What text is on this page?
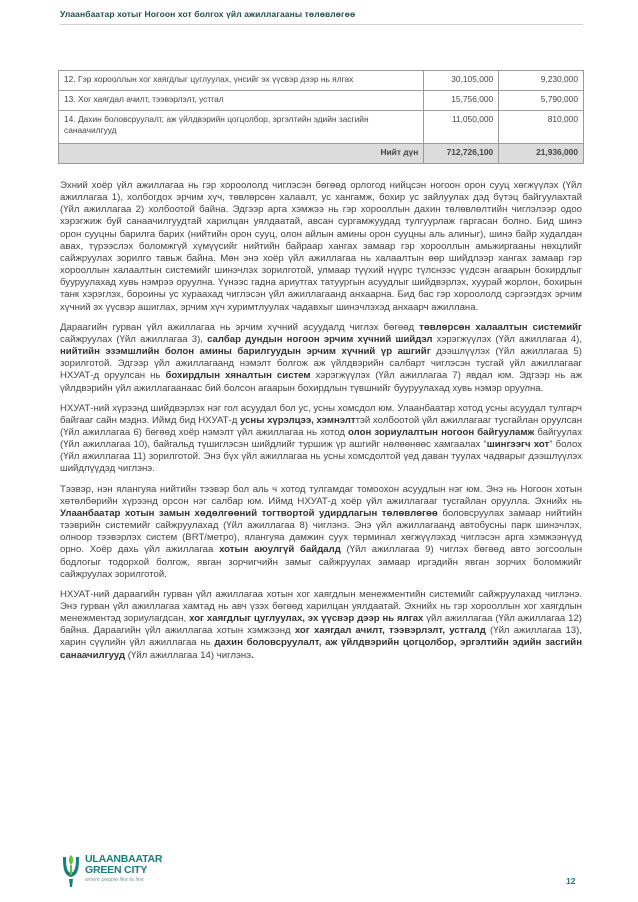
Улаанбаатар хотыг Ногоон хот болгох үйл ажиллагааны төлөвлөгөө
12. Гэр хорооллын хог хаягдлыг цуглуулах, үнсийг эх үүсвэр дээр нь ялгах	30,105,000	9,230,000
13. Хог хаягдал ачилт, тээвэрлэлт, устгал	15,756,000	5,790,000
14. Дахин боловсруулалт, аж үйлдвэрийн цогцолбор, эргэлтийн эдийн засгийн санаачилгууд	11,050,000	810,000
Нийт дүн	712,726,100	21,936,000

Эхний хоёр үйл ажиллагаа нь гэр хороололд чиглэсэн бөгөөд орлогод нийцсэн ногоон орон сууц хөгжүүлэх (Үйл ажиллагаа 1), холбогдох эрчим хүч, төвлөрсөн халаалт, ус хангамж, бохир ус зайлуулах дэд бүтэц байгуулахтай (Үйл ажиллагаа 2) холбоотой байна. Эдгээр арга хэмжээ нь гэр хорооллын дахин төлөвлөлтийн чиглэлээр одоо хэрэгжиж буй санаачилгуудтай харилцан уялдаатай, авсан сургамжуудад тулгуурлаж гаргасан болно. Бид шинэ орон сууцны барилга барих (нийтийн орон сууц, олон айлын амины орон сууцны аль алиныг), шинэ байр худалдан авах, түрээслэх боломжгүй хүмүүсийг нийтийн байраар хангах замаар гэр хорооллын амьжиргааны нөхцлийг сайжруулах зорилго тавьж байна. Мөн энэ хоёр үйл ажиллагаа нь халаалтын өөр шийдлээр хангах замаар гэр хорооллын халаалтын системийг шинэчлэх зорилготой, улмаар түүхий нүүрс түлснээс үүдсэн агаарын бохирдлыг бууруулахад хувь нэмрээ оруулна. Үүнээс гадна ариутгах татуургын асуудлыг шийдвэрлэх, хуурай жорлон, бохирын танк хэрэглэх, бороины ус хураахад чиглэсэн үйл ажиллагаанд анхаарна. Бид бас гэр хороололд сэргээгдэх эрчим хүчний эх үүсвэр ашиглах, эрчим хүч хуримтлуулах чадавхыг шинэчлэхэд анхаарч ажиллана.

Дараагийн гурван үйл ажиллагаа нь эрчим хүчний асуудалд чиглэх бөгөөд төвлөрсөн халаалтын системийг сайжруулах (Үйл ажиллагаа 3), салбар дундын ногоон эрчим хүчний шийдэл хэрэгжүүлэх (Үйл ажиллагаа 4), нийтийн эзэмшлийн болон амины барилгуудын эрчим хүчний үр ашгийг дээшлүүлэх (Үйл ажиллагаа 5) зорилготой. Эдгээр үйл ажиллагаанд нэмэлт болгож аж үйлдвэрийн салбарт чиглэсэн тусгай үйл ажиллагааг НХУАТ-д оруулсан нь бохирдлын хяналтын систем хэрэгжүүлэх (Үйл ажиллагаа 7) явдал юм. Эдгээр нь аж үйлдвэрийн үйл ажиллагаанаас бий болсон агаарын бохирдлын түвшнийг бууруулахад хувь нэмэр оруулна.

НХУАТ-ний хүрээнд шийдвэрлэх нэг гол асуудал бол ус, усны хомсдол юм. Улаанбаатар хотод усны асуудал тулгарч байгааг сайн мэднэ. Иймд бид НХУАТ-д усны хүрэлцээ, хэмнэлттэй холбоотой үйл ажиллагааг тусгайлан оруулсан (Үйл ажиллагаа 6) бөгөөд хоёр нэмэлт үйл ажиллагаа нь хотод олон зориулалтын ногоон байгууламж байгуулах (Үйл ажиллагаа 10), байгальд түшиглэсэн шийдлийг туршиж үр ашгийг нөлөөнөөс хамгаалах “шингээгч хот” болох (Үйл ажиллагаа 11) зорилготой. Энэ бүх үйл ажиллагаа нь усны хомсдолтой үед даван туулах чадварыг дээшлүүлэх шийдлүүдэд чиглэнэ.

Тээвэр, нэн ялангуяа нийтийн тээвэр бол аль ч хотод тулгамдаг томоохон асуудлын нэг юм. Энэ нь Ногоон хотын хөтөлбөрийн хүрээнд орсон нэг салбар юм. Иймд НХУАТ-д хоёр үйл ажиллагааг тусгайлан оруулла. Эхнийх нь Улаанбаатар хотын замын хөдөлгөөний тогтвортой удирдлагын төлөвлөгөө боловсруулах замаар нийтийн тээврийн системийг сайжруулахад (Үйл ажиллагаа 8) чиглэнэ. Энэ үйл ажиллагаанд автобусны парк шинэчлэх, олноор тээвэрлэх систем (BRT/метро), ялангуяа дамжин суух терминал хөгжүүлэхэд чиглэсэн арга хэмжээнүүд орно. Хоёр дахь үйл ажиллагаа хотын аюулгүй байдалд (Үйл ажиллагаа 9) чиглэх бөгөөд авто зогсоолын бодлогыг тодорхой болгож, явган зорчигчийн замыг сайжруулах замаар иргэдийн явган зорчих боломжийг сайжруулах зорилготой.

НХУАТ-ний дараагийн гурван үйл ажиллагаа хотын хог хаягдлын менежментийн системийг сайжруулахад чиглэнэ. Энэ гурван үйл ажиллагаа хамтад нь авч үзэх бөгөөд харилцан уялдаатай. Эхнийх нь гэр хорооллын хог хаягдлын менежментэд зориулагдсан, хог хаягдлыг цуглуулах, эх үүсвэр дээр нь ялгах үйл ажиллагаа (Үйл ажиллагаа 12) байна. Дараагийн үйл ажиллагаа хотын хэмжээнд хог хаягдал ачилт, тээвэрлэлт, устгалд (Үйл ажиллагаа 13), харин сүүлийн үйл ажиллагаа нь дахин боловсруулалт, аж үйлдвэрийн цогцолбор, эргэлтийн эдийн засгийн санаачилгууд (Үйл ажиллагаа 14) чиглэнэ.

ULAANBAATAR
GREEN CITY
where people like to live	12
